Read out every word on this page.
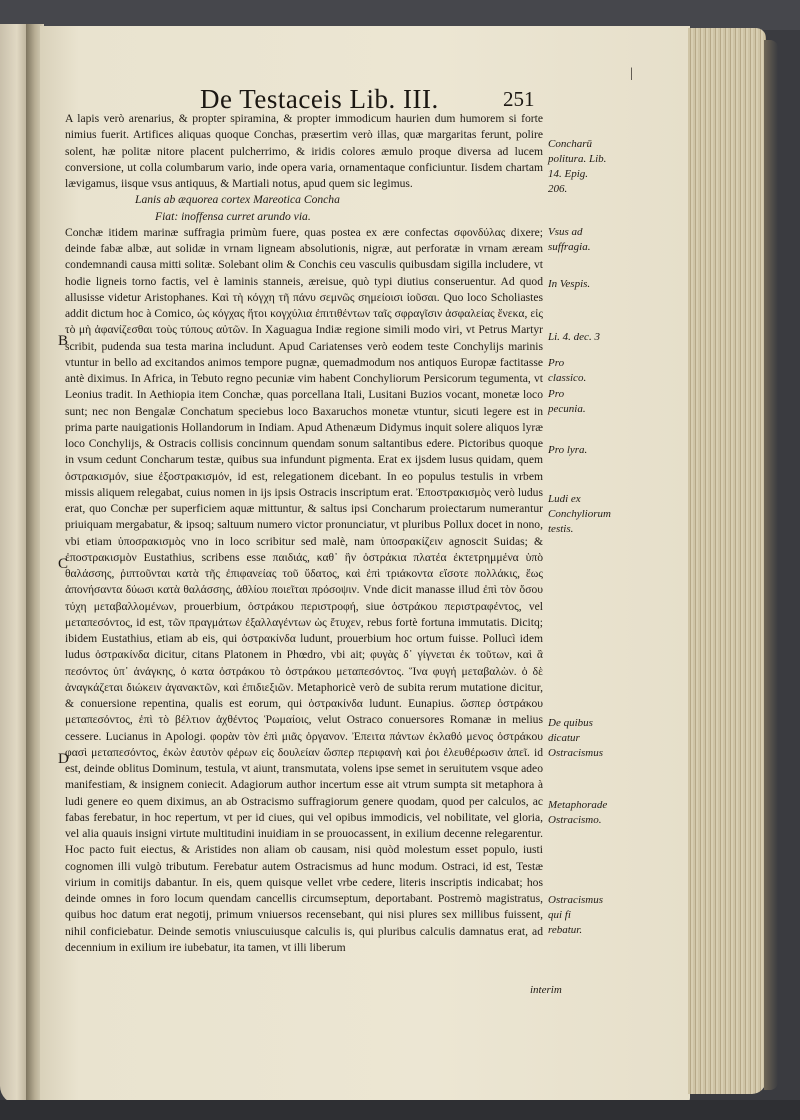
De Testaceis Lib. III.	251
|

A lapis verò arenarius, & propter spiramina, & propter immodicum haurien dum humorem si forte nimius fuerit. Artifices aliquas quoque Conchas, præsertim verò illas, quæ margaritas ferunt, polire solent, hæ politæ nitore placent pulcherrimo, & iridis colores æmulo proque diversa ad lucem conversione, ut colla columbarum vario, inde opera varia, ornamentaque conficiuntur. Iisdem chartam lævigamus, iisque vsus antiquus, & Martiali notus, apud quem sic legimus.

Lanis ab æquorea cortex Mareotica Concha

Fiat: inoffensa curret arundo via.

Conchæ itidem marinæ suffragia primùm fuere, quas postea ex ære confectas σφονδύλας dixere; deinde fabæ albæ, aut solidæ in vrnam ligneam absolutionis, nigræ, aut perforatæ in vrnam æream condemnandi causa mitti solitæ. Solebant olim & Conchis ceu vasculis quibusdam sigilla includere, vt hodie ligneis torno factis, vel è laminis stanneis, æreisue, quò typi diutius conseruentur. Ad quod allusisse videtur Aristophanes. Καὶ τὴ κόγχη τῆ πάνυ σεμνῶς σημείοισι ἰοῦσαι. Quo loco Scholiastes addit dictum hoc à Comico, ὡς κόγχας ἤτοι κογχύλια ἐπιτιθέντων ταῖς σφραγῖσιν ἀσφαλείας ἕνεκα, εἰς τὸ μὴ ἀφανίζεσθαι τοὺς τύπους αὐτῶν. In Xaguagua Indiæ regione simili modo viri, vt Petrus Martyr scribit, pudenda sua testa marina includunt. Apud Cariatenses verò eodem teste Conchylijs marinis vtuntur in bello ad excitandos animos tempore pugnæ, quemadmodum nos antiquos Europæ factitasse antè diximus. In Africa, in Tebuto regno pecuniæ vim habent Conchyliorum Persicorum tegumenta, vt Leonius tradit. In Aethiopia item Conchæ, quas porcellana Itali, Lusitani Buzios vocant, monetæ loco sunt; nec non Bengalæ Conchatum speciebus loco Baxaruchos monetæ vtuntur, sicuti legere est in prima parte nauigationis Hollandorum in Indiam. Apud Athenæum Didymus inquit solere aliquos lyræ loco Conchylijs, & Ostracis collisis concinnum quendam sonum saltantibus edere. Pictoribus quoque in vsum cedunt Concharum testæ, quibus sua infundunt pigmenta. Erat ex ijsdem lusus quidam, quem ὀστρακισμόν, siue ἐξοστρακισμόν, id est, relegationem dicebant. In eo populus testulis in vrbem missis aliquem relegabat, cuius nomen in ijs ipsis Ostracis inscriptum erat. Ἐποστρακισμὸς verò ludus erat, quo Conchæ per superficiem aquæ mittuntur, & saltus ipsi Concharum proiectarum numerantur priuiquam mergabatur, & ipsoq; saltuum numero victor pronunciatur, vt pluribus Pollux docet in nono, vbi etiam ὑποσρακισμὸς vno in loco scribitur sed malè, nam ὑποσρακίζειν agnoscit Suidas; & ἐποστρακισμὸν Eustathius, scribens esse παιδιάς, καθ᾽ ἣν ὀστράκια πλατέα ἐκτετρημμένα ὑπὸ θαλάσσης, ῥιπτοῦνται κατὰ τῆς ἐπιφανείας τοῦ ὕδατος, καὶ ἐπὶ τριάκοντα εἴσοτε πολλάκις, ἕως ἀπονήσαντα δύωσι κατὰ θαλάσσης, ἀθλίου ποιεῖται πρόσοψιν. Vnde dicit manasse illud ἐπὶ τὸν ὅσου τύχη μεταβαλλομένων, prouerbium, ὀστράκου περιστροφή, siue ὀστράκου περιστραφέντος, vel μεταπεσόντος, id est, τῶν πραγμάτων ἐξαλλαγέντων ὡς ἔτυχεν, rebus fortè fortuna immutatis. Dicitq; ibidem Eustathius, etiam ab eis, qui ὀστρακίνδα ludunt, prouerbium hoc ortum fuisse. Pollucì idem ludus ὀστρακίνδα dicitur, citans Platonem in Phœdro, vbi ait; φυγὰς δ᾽ γίγνεται ἐκ τοῦτων, καὶ ἃ πεσόντος ὑπ᾽ ἀνάγκης, ὀ κατα ὀστράκου τὸ ὀστράκου μεταπεσόντος. Ἵνα φυγή μεταβαλὼν. ὁ δὲ ἀναγκάζεται διώκειν ἀγανακτῶν, καὶ ἐπιδιεξιῶν. Metaphoricè verò de subita rerum mutatione dicitur, & conuersione repentina, qualis est eorum, qui ὀστρακίνδα ludunt. Eunapius. ὥσπερ ὀστράκου μεταπεσόντος, ἐπὶ τὸ βέλτιον ἀχθέντος Ῥωμαίοις, velut Ostraco conuersores Romanæ in melius cessere. Lucianus in Apologi. φορὰν τὸν ἐπὶ μιᾶς ὀργανον. Ἐπειτα πάντων ἐκλαθό μενος ὀστράκου φασὶ μεταπεσόντος, ἐκὼν ἑαυτὸν φέρων εἰς δουλείαν ὥσπερ περιφανὴ καὶ ῥοι ἐλευθέρωσιν ἀπεῖ. id est, deinde oblitus Dominum, testula, vt aiunt, transmutata, volens ipse semet in seruitutem vsque adeo manifestiam, & insignem coniecit. Adagiorum author incertum esse ait vtrum sumpta sit metaphora à ludi genere eo quem diximus, an ab Ostracismo suffragiorum genere quodam, quod per calculos, ac fabas ferebatur, in hoc repertum, vt per id ciues, qui vel opibus immodicis, vel nobilitate, vel gloria, vel alia quauis insigni virtute multitudini inuidiam in se prouocassent, in exilium decenne relegarentur. Hoc pacto fuit eiectus, & Aristides non aliam ob causam, nisi quòd molestum esset populo, iusti cognomen illi vulgò tributum. Ferebatur autem Ostracismus ad hunc modum. Ostraci, id est, Testæ virium in comitijs dabantur. In eis, quem quisque vellet vrbe cedere, literis inscriptis indicabat; hos deinde omnes in foro locum quendam cancellis circumseptum, deportabant. Postremò magistratus, quibus hoc datum erat negotij, primum vniuersos recensebant, qui nisi plures sex millibus fuissent, nihil conficiebatur. Deinde semotis vniuscuiusque calculis is, qui pluribus calculis damnatus erat, ad decennium in exilium ire iubebatur, ita tamen, vt illi liberum

interim
B
C
D
Concharū politura. Lib. 14. Epig. 206.
Vsus ad suffragia.
In Vespis.
Li. 4. dec. 3
Pro classico.
Pro pecunia.
Pro lyra.
Ludi ex Conchyliorum testis.
De quibus dicatur Ostracismus
Metaphorade Ostracismo.
Ostracismus qui fi rebatur.
